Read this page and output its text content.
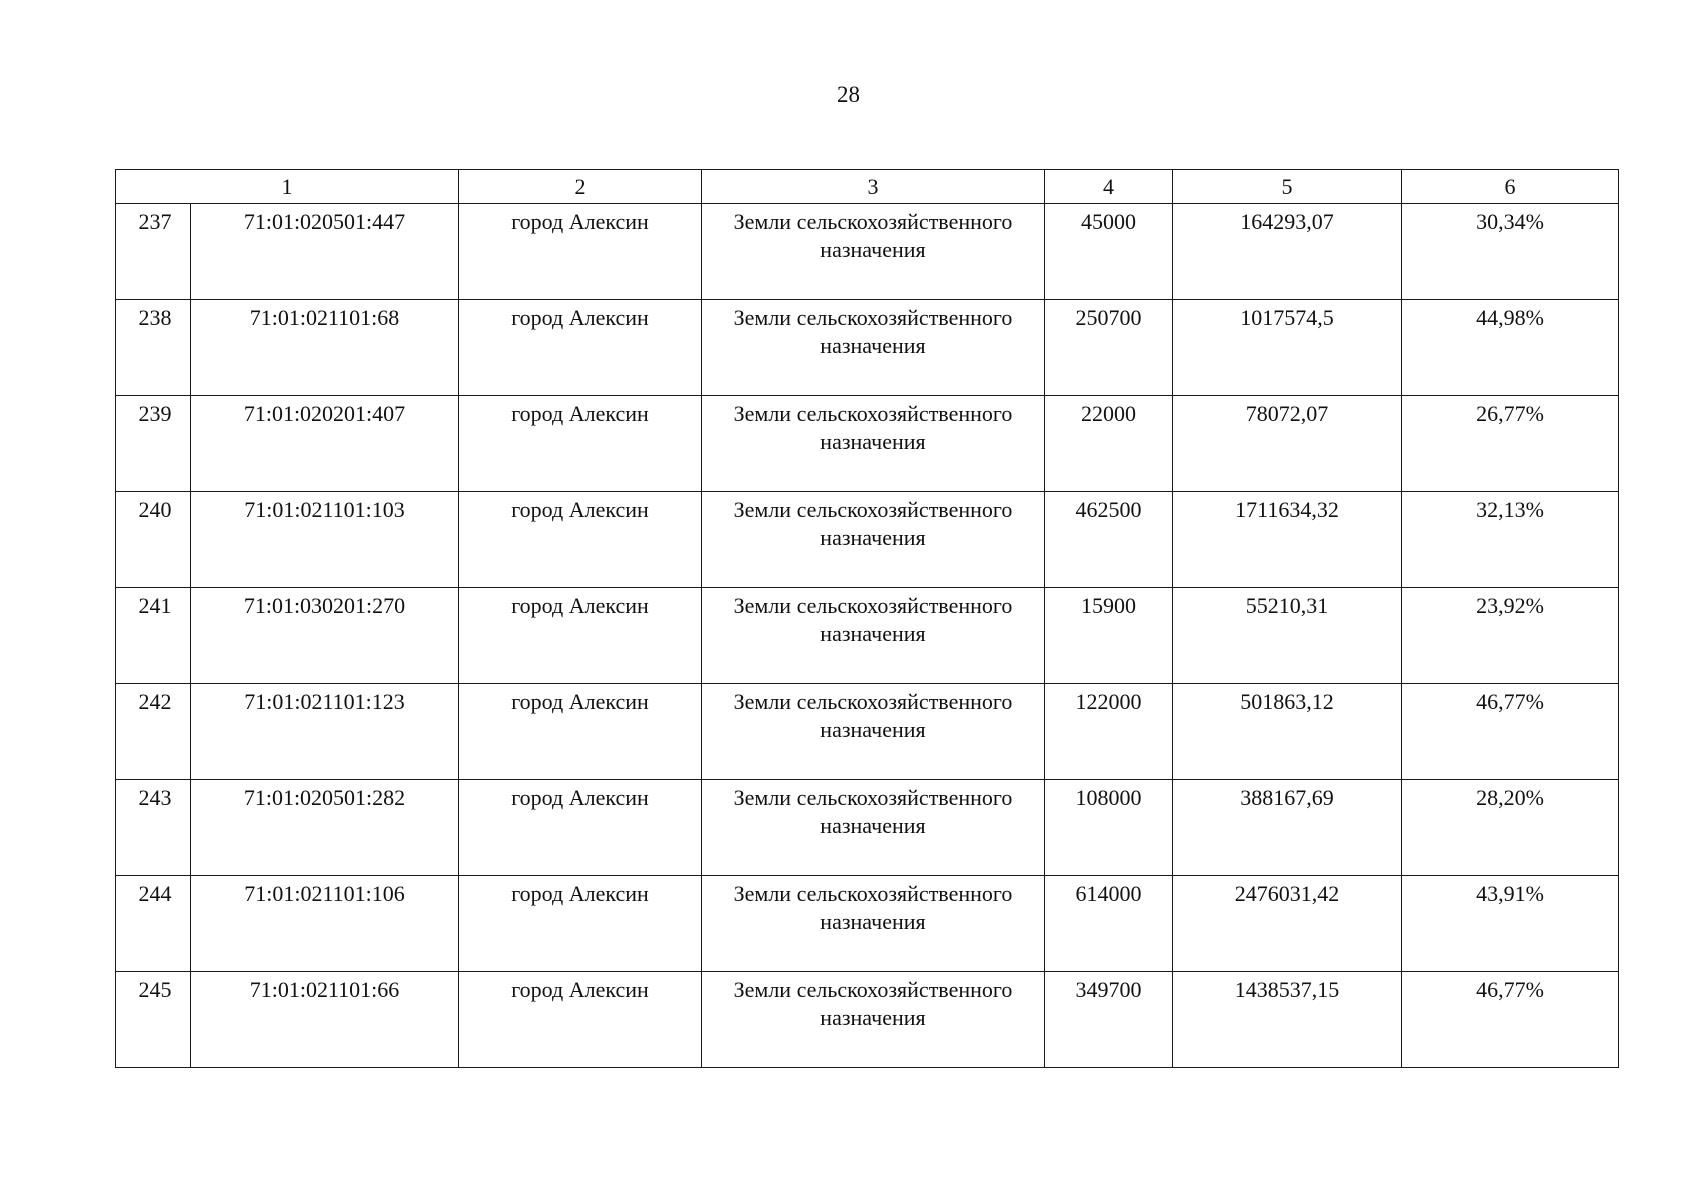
28
1		2	3	4	5	6
237	71:01:020501:447	город Алексин	Земли сельскохозяйственного назначения	45000	164293,07	30,34%
238	71:01:021101:68	город Алексин	Земли сельскохозяйственного назначения	250700	1017574,5	44,98%
239	71:01:020201:407	город Алексин	Земли сельскохозяйственного назначения	22000	78072,07	26,77%
240	71:01:021101:103	город Алексин	Земли сельскохозяйственного назначения	462500	1711634,32	32,13%
241	71:01:030201:270	город Алексин	Земли сельскохозяйственного назначения	15900	55210,31	23,92%
242	71:01:021101:123	город Алексин	Земли сельскохозяйственного назначения	122000	501863,12	46,77%
243	71:01:020501:282	город Алексин	Земли сельскохозяйственного назначения	108000	388167,69	28,20%
244	71:01:021101:106	город Алексин	Земли сельскохозяйственного назначения	614000	2476031,42	43,91%
245	71:01:021101:66	город Алексин	Земли сельскохозяйственного назначения	349700	1438537,15	46,77%
